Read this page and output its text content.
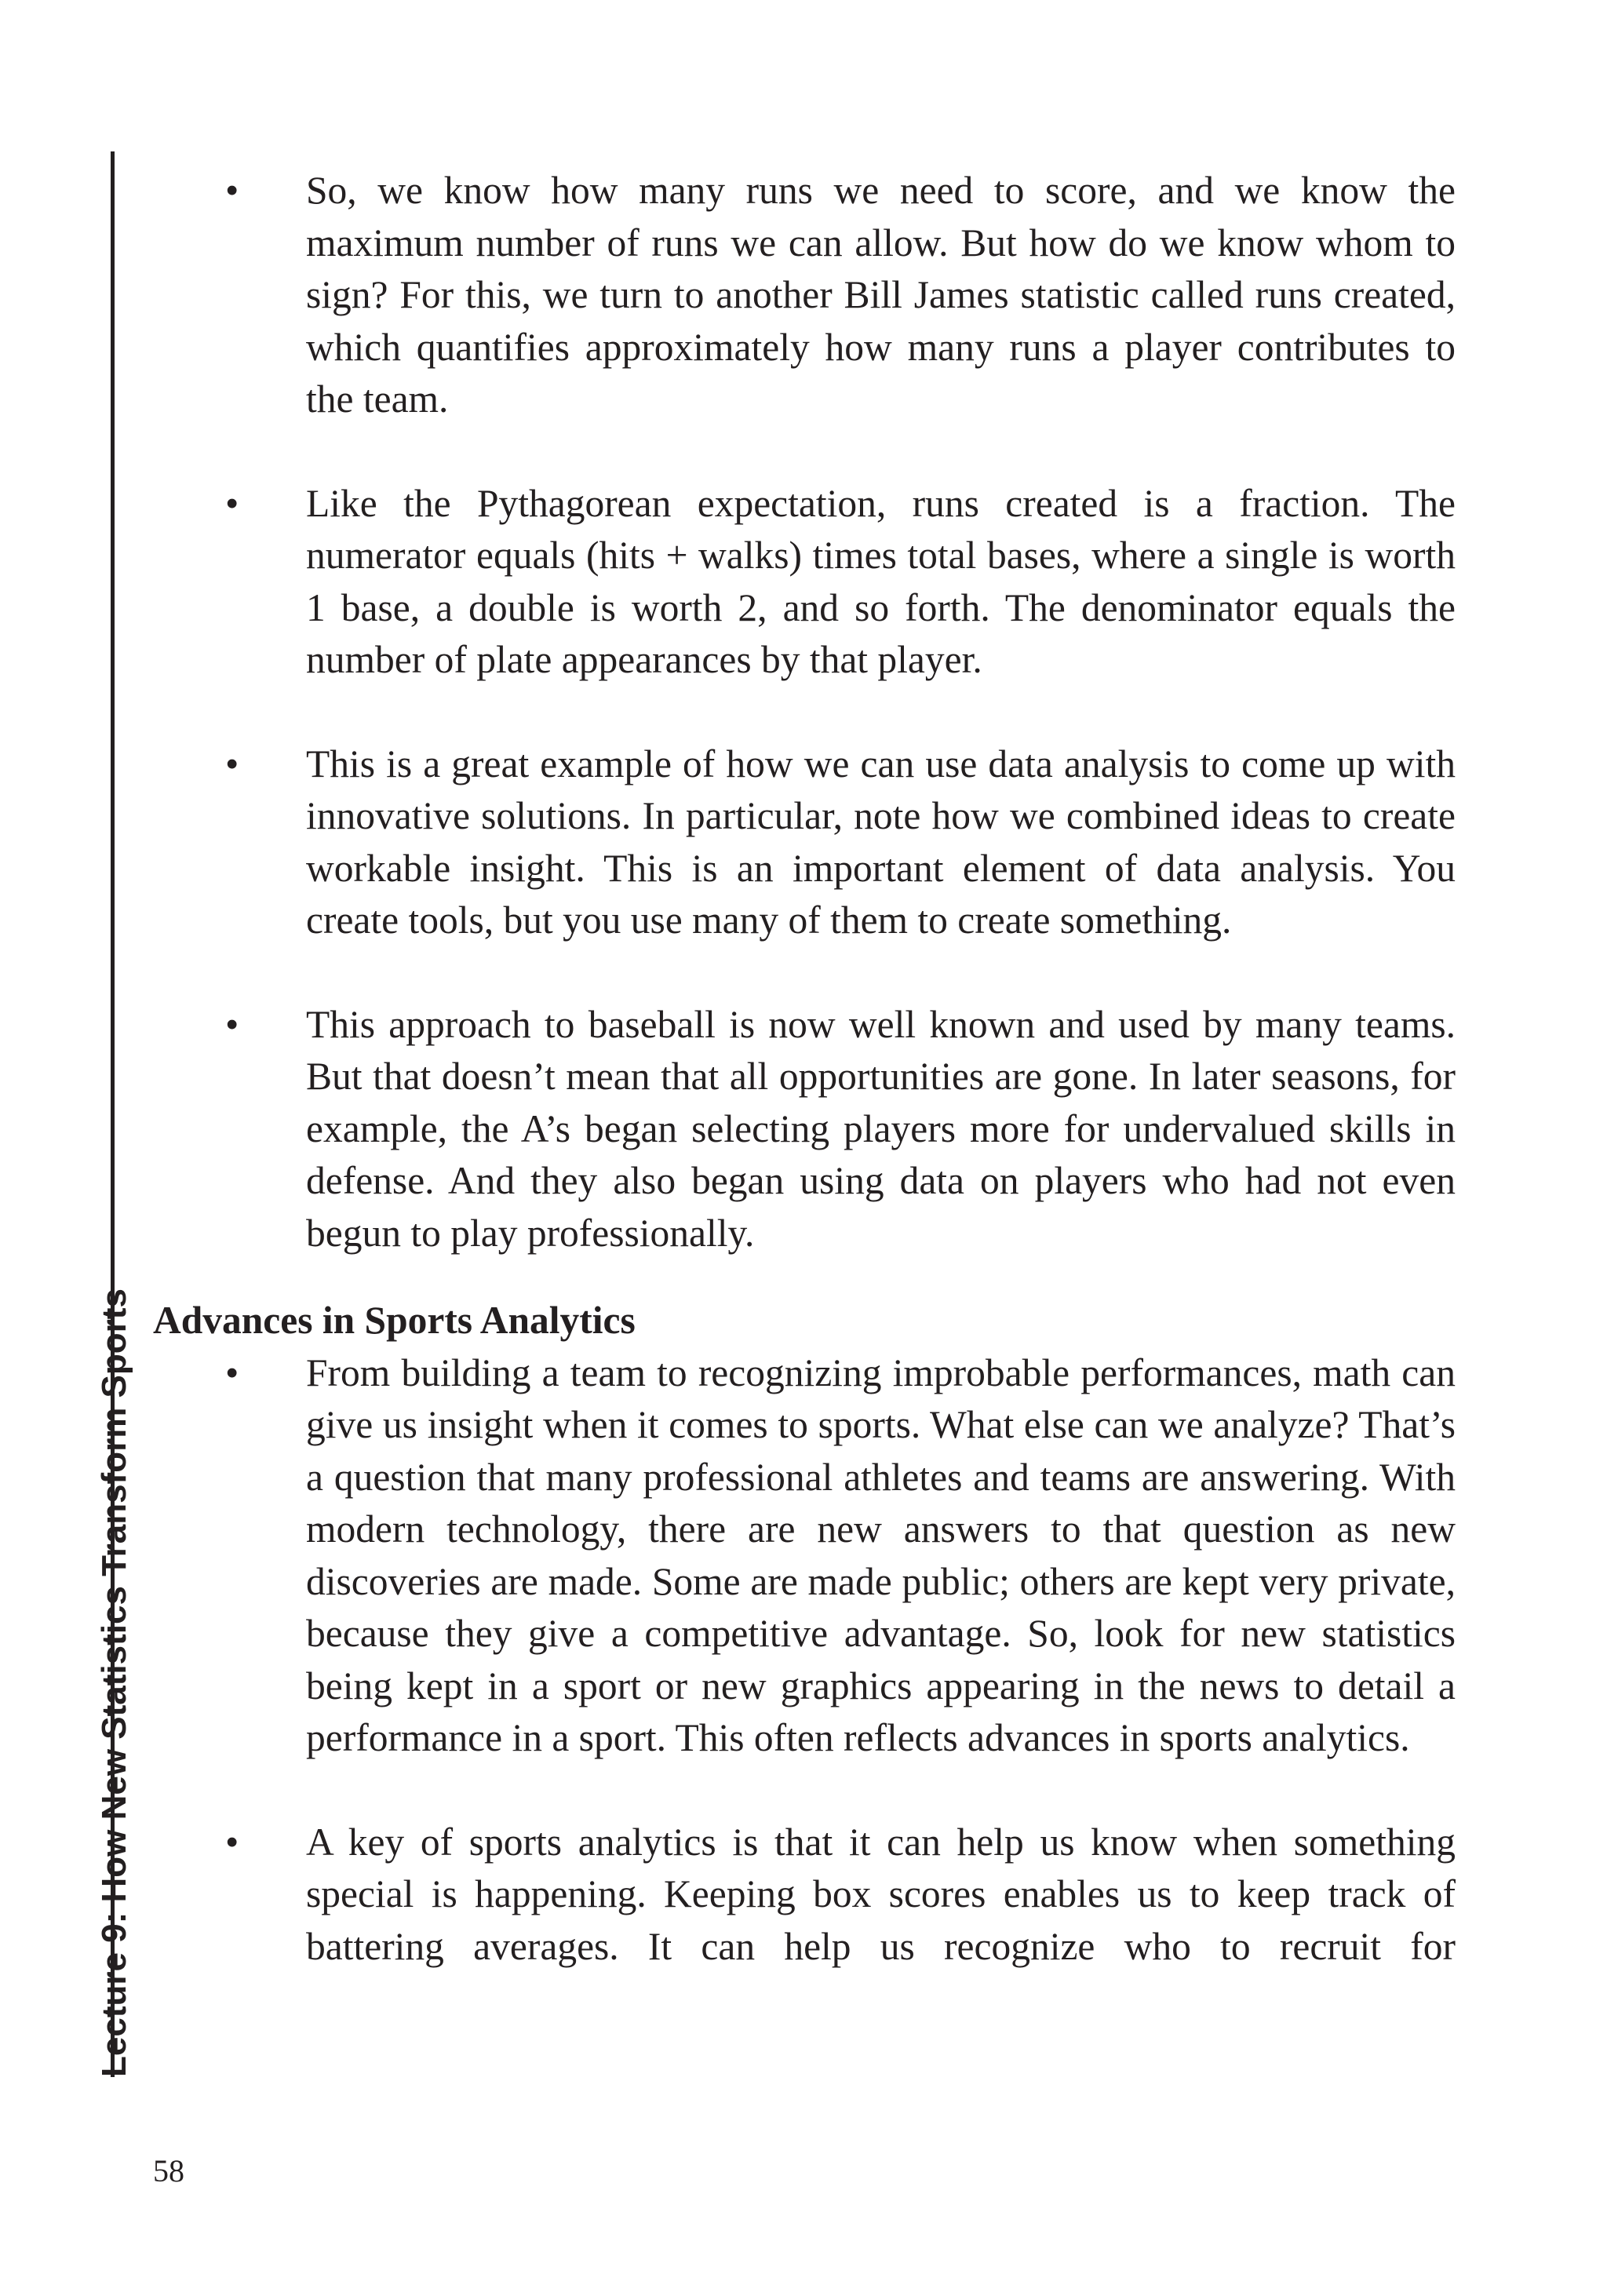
Lecture 9: How New Statistics Transform Sports
• So, we know how many runs we need to score, and we know the maximum number of runs we can allow. But how do we know whom to sign? For this, we turn to another Bill James statistic called runs created, which quantifies approximately how many runs a player contributes to the team.
• Like the Pythagorean expectation, runs created is a fraction. The numerator equals (hits + walks) times total bases, where a single is worth 1 base, a double is worth 2, and so forth. The denominator equals the number of plate appearances by that player.
• This is a great example of how we can use data analysis to come up with innovative solutions. In particular, note how we combined ideas to create workable insight. This is an important element of data analysis. You create tools, but you use many of them to create something.
• This approach to baseball is now well known and used by many teams. But that doesn’t mean that all opportunities are gone. In later seasons, for example, the A’s began selecting players more for undervalued skills in defense. And they also began using data on players who had not even begun to play professionally.
Advances in Sports Analytics
• From building a team to recognizing improbable performances, math can give us insight when it comes to sports. What else can we analyze? That’s a question that many professional athletes and teams are answering. With modern technology, there are new answers to that question as new discoveries are made. Some are made public; others are kept very private, because they give a competitive advantage. So, look for new statistics being kept in a sport or new graphics appearing in the news to detail a performance in a sport. This often reflects advances in sports analytics.
• A key of sports analytics is that it can help us know when something special is happening. Keeping box scores enables us to keep track of battering averages. It can help us recognize who to recruit for
58
